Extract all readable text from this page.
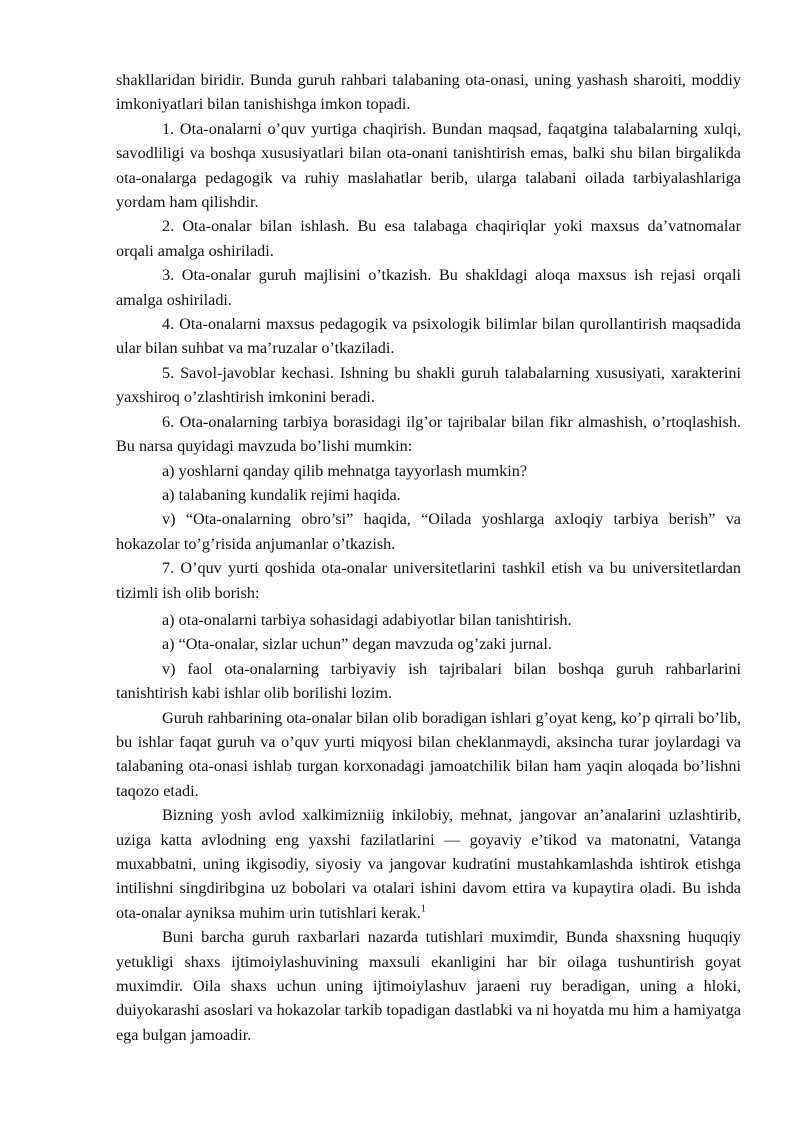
shakllaridan biridir. Bunda guruh rahbari talabaning ota-onasi, uning yashash sharoiti, moddiy imkoniyatlari bilan tanishishga imkon topadi.

1. Ota-onalarni o’quv yurtiga chaqirish. Bundan maqsad, faqatgina talabalarning xulqi, savodliligi va boshqa xususiyatlari bilan ota-onani tanishtirish emas, balki shu bilan birgalikda ota-onalarga pedagogik va ruhiy maslahatlar berib, ularga talabani oilada tarbiyalashlariga yordam ham qilishdir.

2. Ota-onalar bilan ishlash. Bu esa talabaga chaqiriqlar yoki maxsus da’vatnomalar orqali amalga oshiriladi.

3. Ota-onalar guruh majlisini o’tkazish. Bu shakldagi aloqa maxsus ish rejasi orqali amalga oshiriladi.

4. Ota-onalarni maxsus pedagogik va psixologik bilimlar bilan qurollantirish maqsadida ular bilan suhbat va ma’ruzalar o’tkaziladi.

5. Savol-javoblar kechasi. Ishning bu shakli guruh talabalarning xususiyati, xarakterini yaxshiroq o’zlashtirish imkonini beradi.

6. Ota-onalarning tarbiya borasidagi ilg’or tajribalar bilan fikr almashish, o’rtoqlashish. Bu narsa quyidagi mavzuda bo’lishi mumkin:

a) yoshlarni qanday qilib mehnatga tayyorlash mumkin?

a) talabaning kundalik rejimi haqida.

v) “Ota-onalarning obro’si” haqida, “Oilada yoshlarga axloqiy tarbiya berish” va hokazolar to’g’risida anjumanlar o’tkazish.

7. O’quv yurti qoshida ota-onalar universitetlarini tashkil etish va bu universitetlardan tizimli ish olib borish:

a) ota-onalarni tarbiya sohasidagi adabiyotlar bilan tanishtirish.

a) “Ota-onalar, sizlar uchun” degan mavzuda og’zaki jurnal.

v) faol ota-onalarning tarbiyaviy ish tajribalari bilan boshqa guruh rahbarlarini tanishtirish kabi ishlar olib borilishi lozim.

Guruh rahbarining ota-onalar bilan olib boradigan ishlari g’oyat keng, ko’p qirrali bo’lib, bu ishlar faqat guruh va o’quv yurti miqyosi bilan cheklanmaydi, aksincha turar joylardagi va talabaning ota-onasi ishlab turgan korxonadagi jamoatchilik bilan ham yaqin aloqada bo’lishni taqozo etadi.

Bizning yosh avlod xalkimizniig inkilobiy, mehnat, jangovar an’analarini uzlashtirib, uziga katta avlodning eng yaxshi fazilatlarini — goyaviy e’tikod va matonatni, Vatanga muxabbatni, uning ikgisodiy, siyosiy va jangovar kudratini mustahkamlashda ishtirok etishga intilishni singdiribgina uz bobolari va otalari ishini davom ettira va kupaytira oladi. Bu ishda ota-onalar ayniksa muhim urin tutishlari kerak.$^1$

Buni barcha guruh raxbarlari nazarda tutishlari muximdir, Bunda shaxsning huquqiy yetukligi shaxs ijtimoiylashuvining maxsuli ekanligini har bir oilaga tushuntirish goyat muximdir. Oila shaxs uchun uning ijtimoiylashuv jaraeni ruy beradigan, uning a hloki, duiyokarashi asoslari va hokazolar tarkib topadigan dastlabki va ni hoyatda mu him a hamiyatga ega bulgan jamoadir.
